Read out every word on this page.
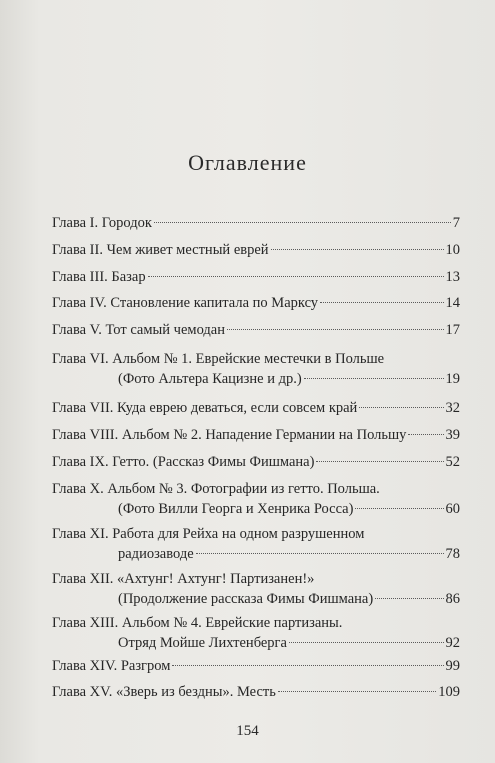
Оглавление
Глава I. Городок	7
Глава II. Чем живет местный еврей	10
Глава III. Базар	13
Глава IV. Становление капитала по Марксу	14
Глава V. Тот самый чемодан	17
Глава VI. Альбом № 1. Еврейские местечки в Польше
(Фото Альтера Кацизне и др.)	19
Глава VII. Куда еврею деваться, если совсем край	32
Глава VIII. Альбом № 2. Нападение Германии на Польшу	39
Глава IX. Гетто. (Рассказ Фимы Фишмана)	52
Глава X. Альбом № 3. Фотографии из гетто. Польша.
(Фото Вилли Георга и Хенрика Росса)	60
Глава XI. Работа для Рейха на одном разрушенном
радиозаводе	78
Глава XII. «Ахтунг! Ахтунг! Партизанен!»
(Продолжение рассказа Фимы Фишмана)	86
Глава XIII. Альбом № 4. Еврейские партизаны.
Отряд Мойше Лихтенберга	92
Глава XIV. Разгром	99
Глава XV. «Зверь из бездны». Месть	109
154
